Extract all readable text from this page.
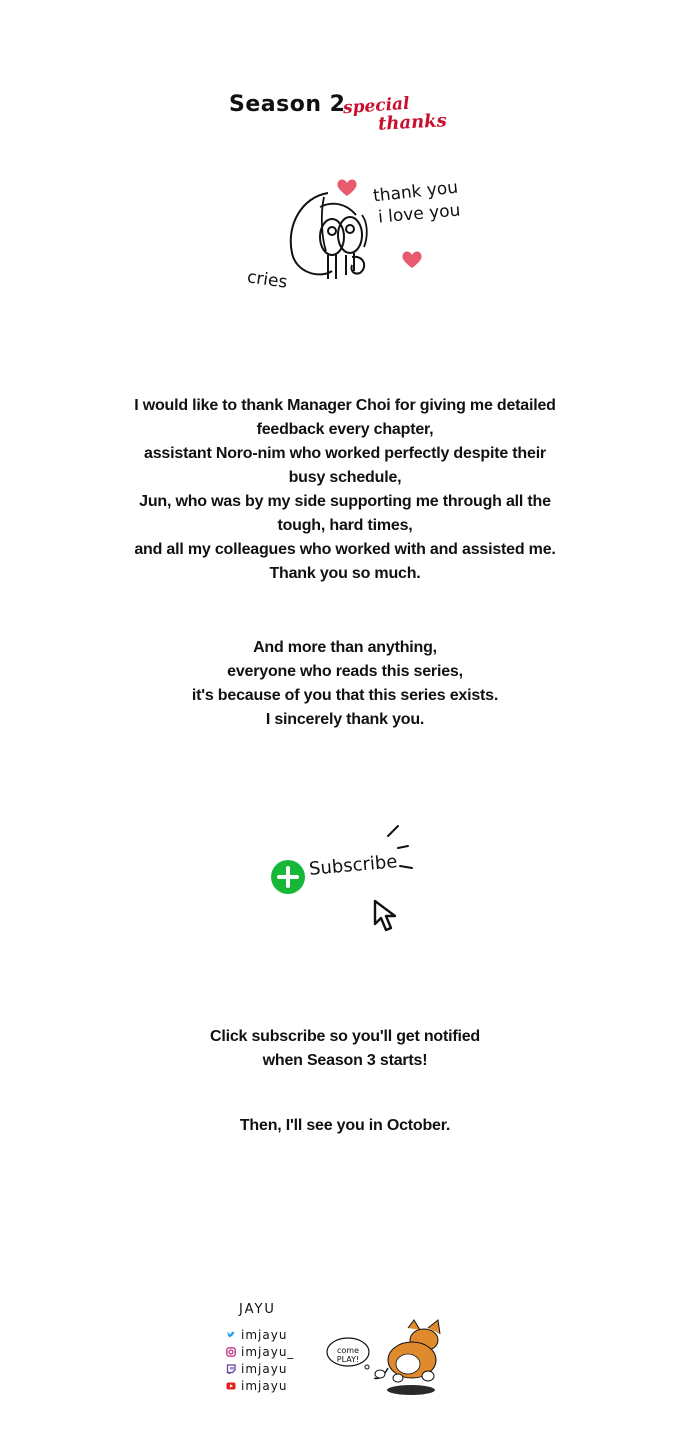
Season 2
special
thanks
thank you
i love you
cries
I would like to thank Manager Choi for giving me detailed
feedback every chapter,
assistant Noro-nim who worked perfectly despite their
busy schedule,
Jun, who was by my side supporting me through all the
tough, hard times,
and all my colleagues who worked with and assisted me.
Thank you so much.
And more than anything,
everyone who reads this series,
it's because of you that this series exists.
I sincerely thank you.
Subscribe
Click subscribe so you'll get notified
when Season 3 starts!
Then, I'll see you in October.
JAYU
imjayu
imjayu_
imjayu
imjayu
come
PLAY!
